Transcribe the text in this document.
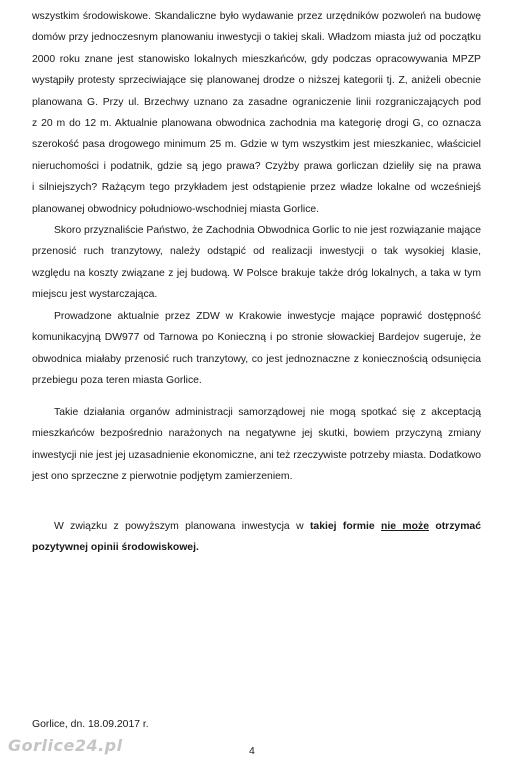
wszystkim środowiskowe. Skandaliczne było wydawanie przez urzędników pozwoleń na budowę
domów przy jednoczesnym planowaniu inwestycji o takiej skali. Władzom miasta już od początku
2000 roku znane jest stanowisko lokalnych mieszkańców, gdy podczas opracowywania MPZP
wystąpiły protesty sprzeciwiające się planowanej drodze o niższej kategorii tj. Z, aniżeli obecnie
planowana G. Przy ul. Brzechwy uznano za zasadne ograniczenie linii rozgraniczających pod
z 20 m do 12 m. Aktualnie planowana obwodnica zachodnia ma kategorię drogi G, co oznacza
szerokość pasa drogowego minimum 25 m. Gdzie w tym wszystkim jest mieszkaniec, właściciel
nieruchomości i podatnik, gdzie są jego prawa? Czyżby prawa gorliczan dzieliły się na prawa
i silniejszych? Rażącym tego przykładem jest odstąpienie przez władze lokalne od wcześniejś
planowanej obwodnicy południowo-wschodniej miasta Gorlice.
Skoro przyznaliście Państwo, że Zachodnia Obwodnica Gorlic to nie jest rozwiązanie mające
przenosić ruch tranzytowy, należy odstąpić od realizacji inwestycji o tak wysokiej klasie,
względu na koszty związane z jej budową. W Polsce brakuje także dróg lokalnych, a taka w tym
miejscu jest wystarczająca.
Prowadzone aktualnie przez ZDW w Krakowie inwestycje mające poprawić dostępność
komunikacyjną DW977 od Tarnowa po Konieczną i po stronie słowackiej Bardejov sugeruje, że
obwodnica miałaby przenosić ruch tranzytowy, co jest jednoznaczne z koniecznością odsunięcia
przebiegu poza teren miasta Gorlice.
Takie działania organów administracji samorządowej nie mogą spotkać się z akceptacją
mieszkańców bezpośrednio narażonych na negatywne jej skutki, bowiem przyczyną zmiany
inwestycji nie jest jej uzasadnienie ekonomiczne, ani też rzeczywiste potrzeby miasta. Dodatkowo
jest ono sprzeczne z pierwotnie podjętym zamierzeniem.
W związku z powyższym planowana inwestycja w takiej formie nie może otrzymać
pozytywnej opinii środowiskowej.
Gorlice, dn. 18.09.2017 r.
Gorlice24.pl	4
